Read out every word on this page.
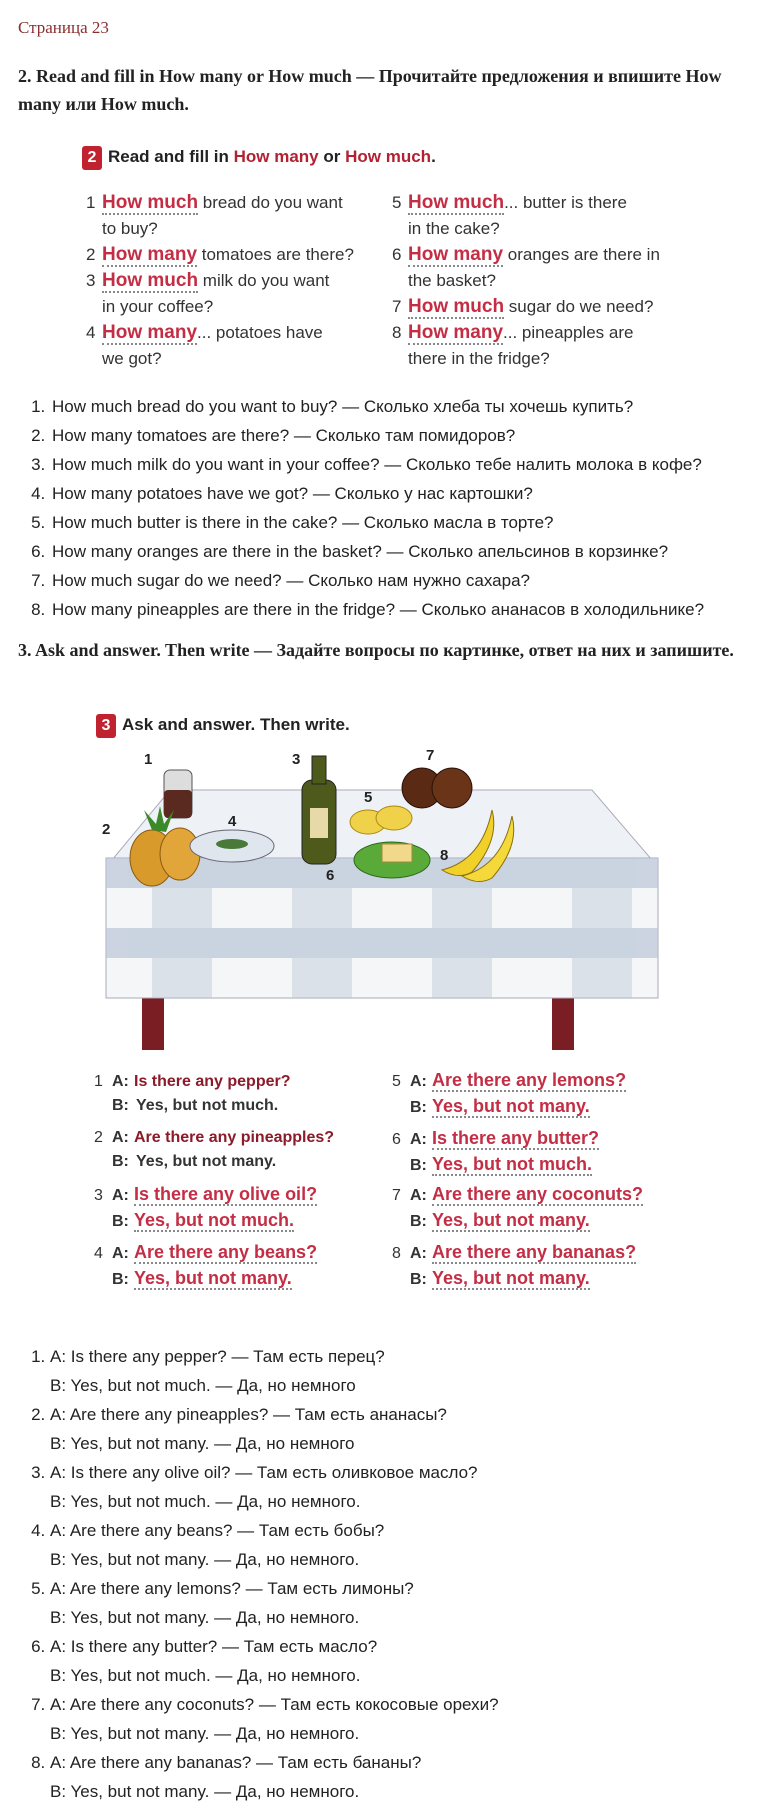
Страница 23
2. Read and fill in How many or How much — Прочитайте предложения и впишите How many или How much.
2 Read and fill in How many or How much.
1 How much bread do you want
to buy?
2 How many tomatoes are there?
3 How much milk do you want
in your coffee?
4 How many... potatoes have
we got?
5 How much... butter is there
in the cake?
6 How many oranges are there in
the basket?
7 How much sugar do we need?
8 How many... pineapples are
there in the fridge?
1. How much bread do you want to buy? — Сколько хлеба ты хочешь купить?
2. How many tomatoes are there? — Сколько там помидоров?
3. How much milk do you want in your coffee? — Сколько тебе налить молока в кофе?
4. How many potatoes have we got? — Сколько у нас картошки?
5. How much butter is there in the cake? — Сколько масла в торте?
6. How many oranges are there in the basket? — Сколько апельсинов в корзинке?
7. How much sugar do we need? — Сколько нам нужно сахара?
8. How many pineapples are there in the fridge? — Сколько ананасов в холодильнике?
3. Ask and answer. Then write — Задайте вопросы по картинке, ответ на них и запишите.
3 Ask and answer. Then write.
1
2
3
4
5
6
7
8
1 A: Is there any pepper?
B: Yes, but not much.
2 A: Are there any pineapples?
B: Yes, but not many.
3 A: Is there any olive oil?
B: Yes, but not much.
4 A: Are there any beans?
B: Yes, but not many.
5 A: Are there any lemons?
B: Yes, but not many.
6 A: Is there any butter?
B: Yes, but not much.
7 A: Are there any coconuts?
B: Yes, but not many.
8 A: Are there any bananas?
B: Yes, but not many.
1. A: Is there any pepper? — Там есть перец?
B: Yes, but not much. — Да, но немного
2. A: Are there any pineapples? — Там есть ананасы?
B: Yes, but not many. — Да, но немного
3. A: Is there any olive oil? — Там есть оливковое масло?
B: Yes, but not much. — Да, но немного.
4. A: Are there any beans? — Там есть бобы?
B: Yes, but not many. — Да, но немного.
5. A: Are there any lemons? — Там есть лимоны?
B: Yes, but not many. — Да, но немного.
6. A: Is there any butter? — Там есть масло?
B: Yes, but not much. — Да, но немного.
7. A: Are there any coconuts? — Там есть кокосовые орехи?
B: Yes, but not many. — Да, но немного.
8. A: Are there any bananas? — Там есть бананы?
B: Yes, but not many. — Да, но немного.
